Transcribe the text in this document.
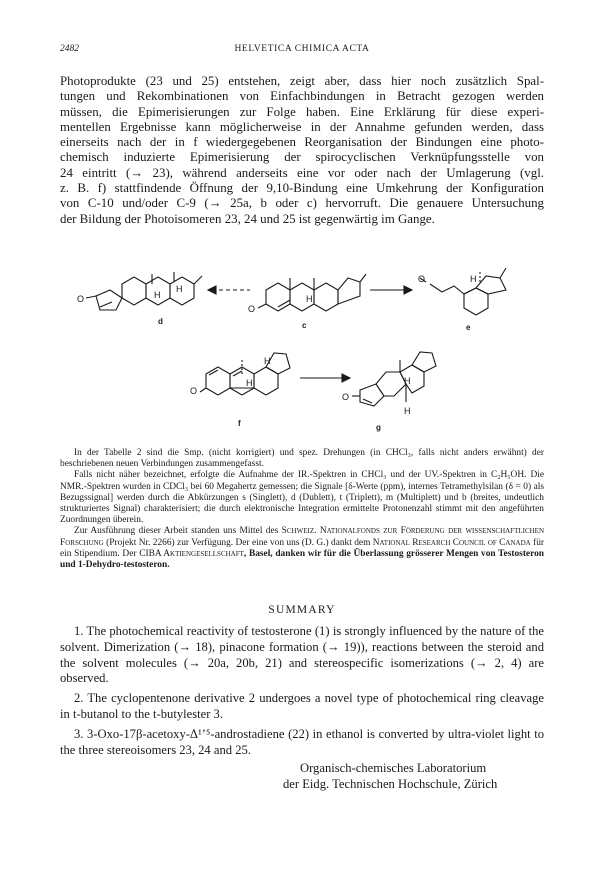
2482	HELVETICA CHIMICA ACTA
Photoprodukte (23 und 25) entstehen, zeigt aber, dass hier noch zusätzlich Spal-
tungen und Rekombinationen von Einfachbindungen in Betracht gezogen werden
müssen, die Epimerisierungen zur Folge haben. Eine Erklärung für diese experi-
mentellen Ergebnisse kann möglicherweise in der Annahme gefunden werden, dass
einerseits nach der in f wiedergegebenen Reorganisation der Bindungen eine photo-
chemisch induzierte Epimerisierung der spirocyclischen Verknüpfungsstelle von
24 eintritt (→ 23), während anderseits eine vor oder nach der Umlagerung (vgl.
z. B. f) stattfindende Öffnung der 9,10-Bindung eine Umkehrung der Konfiguration
von C-10 und/oder C-9 (→ 25a, b oder c) hervorruft. Die genauere Untersuchung
der Bildung der Photoisomeren 23, 24 und 25 ist gegenwärtig im Gange.
O	H
H
O
H
O	H
O
H
H
O
H
H
d	c	e
f	g

In der Tabelle 2 sind die Smp. (nicht korrigiert) und spez. Drehungen (in CHCl₃, falls nicht anders erwähnt) der beschriebenen neuen Verbindungen zusammengefasst.

Falls nicht näher bezeichnet, erfolgte die Aufnahme der IR.-Spektren in CHCl₃ und der UV.-Spektren in C₂H₅OH. Die NMR.-Spektren wurden in CDCl₃ bei 60 Megahertz gemessen; die Signale [δ-Werte (ppm), internes Tetramethylsilan (δ = 0) als Bezugssignal] werden durch die Abkürzungen s (Singlett), d (Dublett), t (Triplett), m (Multiplett) und b (breites, undeutlich strukturiertes Signal) charakterisiert; die durch elektronische Integration ermittelte Protonenzahl stimmt mit den angeführten Zuordnungen überein.

Zur Ausführung dieser Arbeit standen uns Mittel des Schweiz. Nationalfonds zur Förderung der wissenschaftlichen Forschung (Projekt Nr. 2266) zur Verfügung. Der eine von uns (D. G.) dankt dem National Research Council of Canada für ein Stipendium. Der CIBA Aktiengesellschaft, Basel, danken wir für die Überlassung grösserer Mengen von Testosteron und 1-Dehydro-testosteron.

SUMMARY

1. The photochemical reactivity of testosterone (1) is strongly influenced by the nature of the solvent. Dimerization (→ 18), pinacone formation (→ 19)), reactions between the steroid and the solvent molecules (→ 20a, 20b, 21) and stereospecific isomerizations (→ 2, 4) are observed.

2. The cyclopentenone derivative 2 undergoes a novel type of photochemical ring cleavage in t-butanol to the t-butylester 3.

3. 3-Oxo-17β-acetoxy-Δ¹ʼ⁵-androstadiene (22) in ethanol is converted by ultra-violet light to the three stereoisomers 23, 24 and 25.

Organisch-chemisches Laboratorium
der Eidg. Technischen Hochschule, Zürich
